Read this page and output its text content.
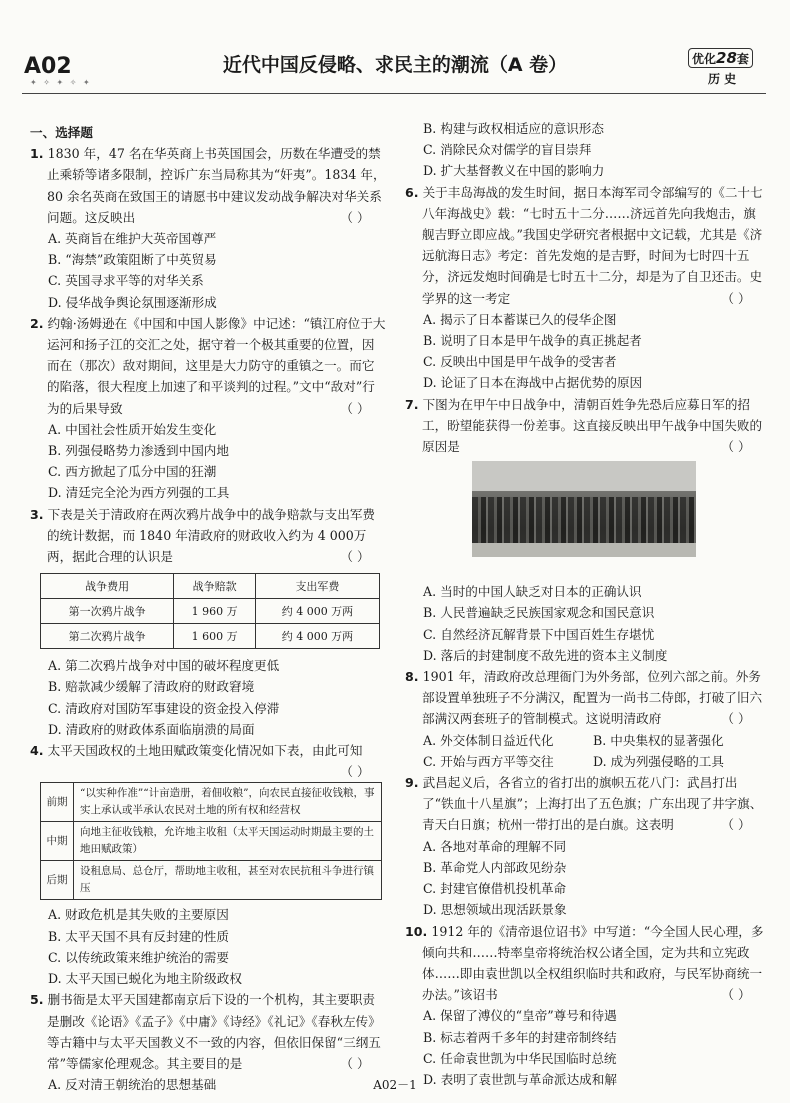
A02
✦ ✧ ✦ ✧ ✦
近代中国反侵略、求民主的潮流（A 卷）	优化28套
历 史

一、选择题

1. 1830 年，47 名在华英商上书英国国会，历数在华遭受的禁止乘轿等诸多限制，控诉广东当局称其为“奸夷”。1834 年，80 余名英商在致国王的请愿书中建议发动战争解决对华关系问题。这反映出	（ ）

A. 英商旨在维护大英帝国尊严

B. “海禁”政策阻断了中英贸易

C. 英国寻求平等的对华关系

D. 侵华战争舆论氛围逐渐形成

2. 约翰·汤姆逊在《中国和中国人影像》中记述：“镇江府位于大运河和扬子江的交汇之处，据守着一个极其重要的位置，因而在（那次）敌对期间，这里是大力防守的重镇之一。而它的陷落，很大程度上加速了和平谈判的过程。”文中“敌对”行为的后果导致	（ ）

A. 中国社会性质开始发生变化

B. 列强侵略势力渗透到中国内地

C. 西方掀起了瓜分中国的狂潮

D. 清廷完全沦为西方列强的工具

3. 下表是关于清政府在两次鸦片战争中的战争赔款与支出军费的统计数据，而 1840 年清政府的财政收入约为 4 000万两，据此合理的认识是	（ ）

战争费用	战争赔款	支出军费
第一次鸦片战争	1 960 万	约 4 000 万两
第二次鸦片战争	1 600 万	约 4 000 万两

A. 第二次鸦片战争对中国的破坏程度更低

B. 赔款减少缓解了清政府的财政窘境

C. 清政府对国防军事建设的资金投入停滞

D. 清政府的财政体系面临崩溃的局面

4. 太平天国政权的土地田赋政策变化情况如下表，由此可知
（ ）

前期	“以实种作准”“计亩造册，着佃收粮”，向农民直接征收钱粮，事实上承认或半承认农民对土地的所有权和经营权
中期	向地主征收钱粮，允许地主收租（太平天国运动时期最主要的土地田赋政策）
后期	设租息局、总仓厅，帮助地主收租，甚至对农民抗租斗争进行镇压

A. 财政危机是其失败的主要原因

B. 太平天国不具有反封建的性质

C. 以传统政策来维护统治的需要

D. 太平天国已蜕化为地主阶级政权

5. 删书衙是太平天国建都南京后下设的一个机构，其主要职责是删改《论语》《孟子》《中庸》《诗经》《礼记》《春秋左传》等古籍中与太平天国教义不一致的内容，但依旧保留“三纲五常”等儒家伦理观念。其主要目的是	（ ）

A. 反对清王朝统治的思想基础

B. 构建与政权相适应的意识形态

C. 消除民众对儒学的盲目崇拜

D. 扩大基督教义在中国的影响力

6. 关于丰岛海战的发生时间，据日本海军司令部编写的《二十七八年海战史》载：“七时五十二分……济远首先向我炮击，旗舰吉野立即应战。”我国史学研究者根据中文记载，尤其是《济远航海日志》考定：首先发炮的是吉野，时间为七时四十五分，济远发炮时间确是七时五十二分，却是为了自卫还击。史学界的这一考定	（ ）

A. 揭示了日本蓄谋已久的侵华企图

B. 说明了日本是甲午战争的真正挑起者

C. 反映出中国是甲午战争的受害者

D. 论证了日本在海战中占据优势的原因

7. 下图为在甲午中日战争中，清朝百姓争先恐后应募日军的招工，盼望能获得一份差事。这直接反映出甲午战争中国失败的原因是	（ ）

A. 当时的中国人缺乏对日本的正确认识

B. 人民普遍缺乏民族国家观念和国民意识

C. 自然经济瓦解背景下中国百姓生存堪忧

D. 落后的封建制度不敌先进的资本主义制度

8. 1901 年，清政府改总理衙门为外务部，位列六部之前。外务部设置单独班子不分满汉，配置为一尚书二侍郎，打破了旧六部满汉两套班子的管制模式。这说明清政府	（ ）

A. 外交体制日益近代化	B. 中央集权的显著强化
C. 开始与西方平等交往	D. 成为列强侵略的工具

9. 武昌起义后，各省立的省打出的旗帜五花八门：武昌打出了“铁血十八星旗”；上海打出了五色旗；广东出现了井字旗、青天白日旗；杭州一带打出的是白旗。这表明	（ ）

A. 各地对革命的理解不同

B. 革命党人内部政见纷杂

C. 封建官僚借机投机革命

D. 思想领域出现活跃景象

10. 1912 年的《清帝退位诏书》中写道：“今全国人民心理，多倾向共和……特率皇帝将统治权公诸全国，定为共和立宪政体……即由袁世凯以全权组织临时共和政府，与民军协商统一办法。”该诏书	（ ）

A. 保留了溥仪的“皇帝”尊号和待遇

B. 标志着两千多年的封建帝制终结

C. 任命袁世凯为中华民国临时总统

D. 表明了袁世凯与革命派达成和解

A02－1
